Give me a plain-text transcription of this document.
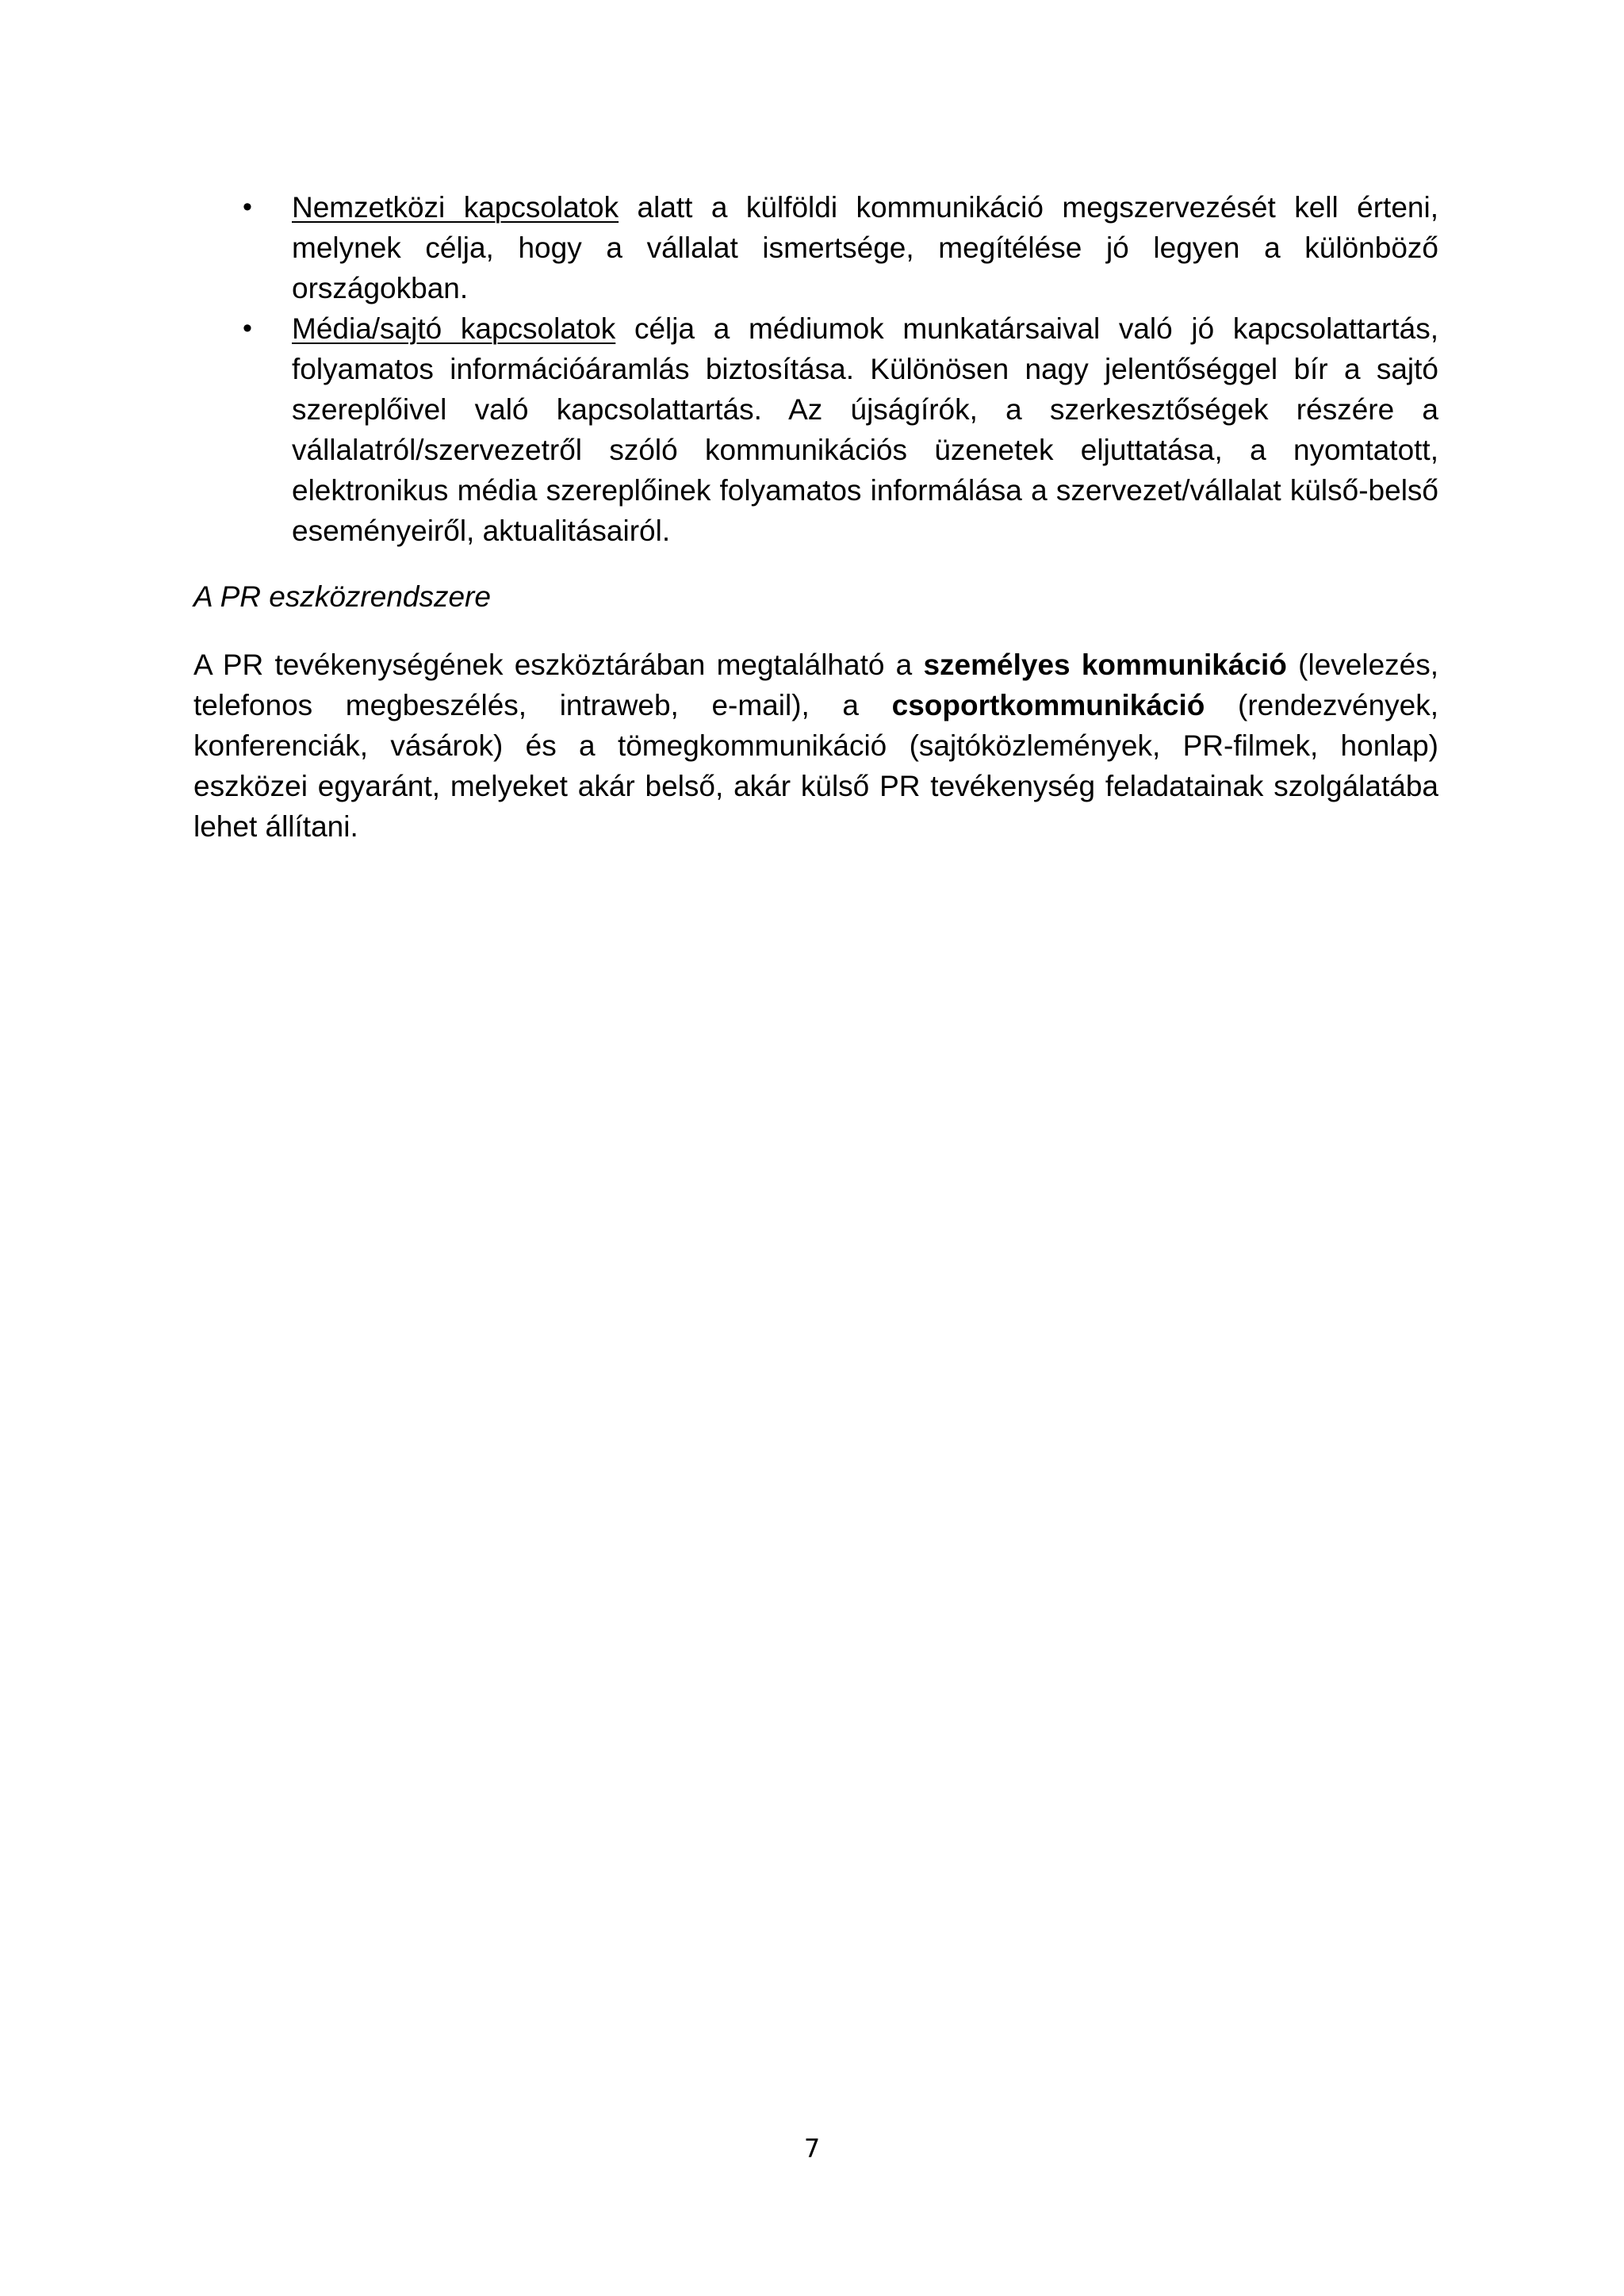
• Nemzetközi kapcsolatok alatt a külföldi kommunikáció megszervezését kell érteni, melynek célja, hogy a vállalat ismertsége, megítélése jó legyen a különböző országokban.
• Média/sajtó kapcsolatok célja a médiumok munkatársaival való jó kapcsolattartás, folyamatos információáramlás biztosítása. Különösen nagy jelentőséggel bír a sajtó szereplőivel való kapcsolattartás. Az újságírók, a szerkesztőségek részére a vállalatról/szervezetről szóló kommunikációs üzenetek eljuttatása, a nyomtatott, elektronikus média szereplőinek folyamatos informálása a szervezet/vállalat külső-belső eseményeiről, aktualitásairól.

A PR eszközrendszere

A PR tevékenységének eszköztárában megtalálható a személyes kommunikáció (levelezés, telefonos megbeszélés, intraweb, e-mail), a csoportkommunikáció (rendezvények, konferenciák, vásárok) és a tömegkommunikáció (sajtóközlemények, PR-filmek, honlap) eszközei egyaránt, melyeket akár belső, akár külső PR tevékenység feladatainak szolgálatába lehet állítani.

7
